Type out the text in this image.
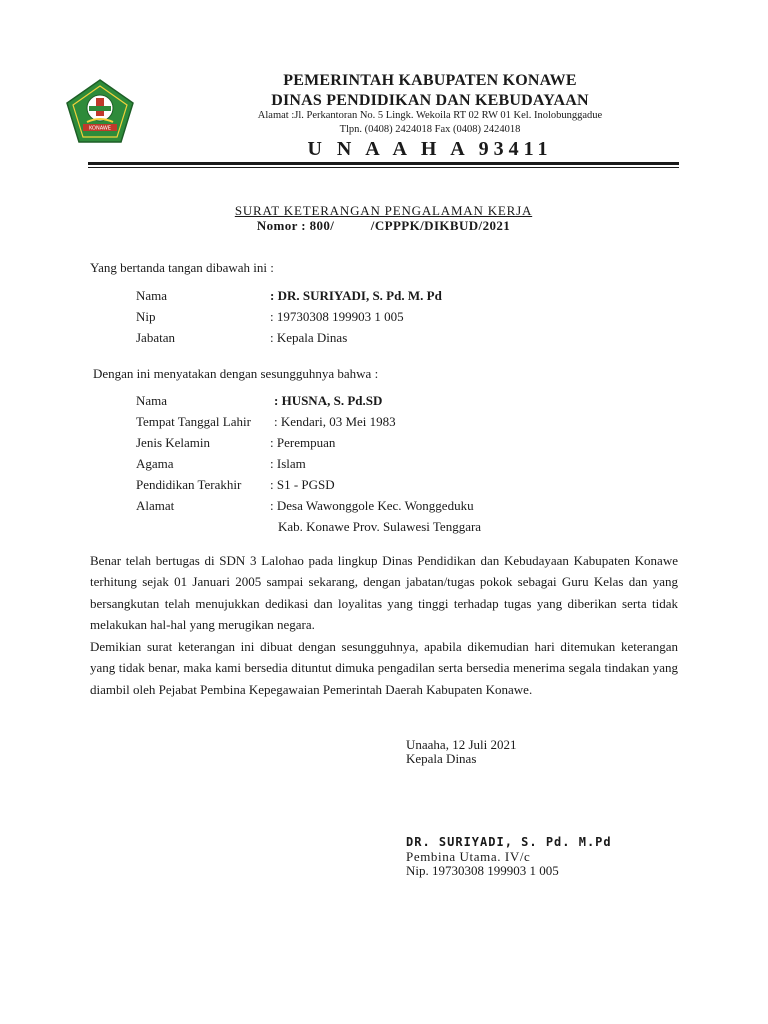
KONAWE
PEMERINTAH KABUPATEN KONAWE
DINAS PENDIDIKAN DAN KEBUDAYAAN
Alamat :Jl. Perkantoran No. 5 Lingk. Wekoila RT 02 RW 01 Kel. Inolobunggadue
Tlpn. (0408) 2424018 Fax (0408) 2424018
U N A A H A 93411
SURAT KETERANGAN PENGALAMAN KERJA
Nomor : 800/          /CPPPK/DIKBUD/2021
Yang bertanda tangan dibawah ini :
Nama	: DR. SURIYADI, S. Pd. M. Pd
Nip	: 19730308 199903 1 005
Jabatan	: Kepala Dinas
Dengan ini menyatakan dengan sesungguhnya bahwa :
Nama	: HUSNA, S. Pd.SD
Tempat Tanggal Lahir : Kendari, 03 Mei 1983
Jenis Kelamin	: Perempuan
Agama	: Islam
Pendidikan Terakhir : S1 - PGSD
Alamat	: Desa Wawonggole Kec. Wonggeduku
Kab. Konawe Prov. Sulawesi Tenggara
Benar telah bertugas di SDN 3 Lalohao pada lingkup Dinas Pendidikan dan Kebudayaan Kabupaten Konawe terhitung sejak 01 Januari 2005 sampai sekarang, dengan jabatan/tugas pokok sebagai Guru Kelas dan yang bersangkutan telah menujukkan dedikasi dan loyalitas yang tinggi terhadap tugas yang diberikan serta tidak melakukan hal-hal yang merugikan negara.
Demikian surat keterangan ini dibuat dengan sesungguhnya, apabila dikemudian hari ditemukan keterangan yang tidak benar, maka kami bersedia dituntut dimuka pengadilan serta bersedia menerima segala tindakan yang diambil oleh Pejabat Pembina Kepegawaian Pemerintah Daerah Kabupaten Konawe.
Unaaha, 12 Juli 2021
Kepala Dinas
DR. SURIYADI, S. Pd. M.Pd
Pembina Utama. IV/c
Nip. 19730308 199903 1 005
